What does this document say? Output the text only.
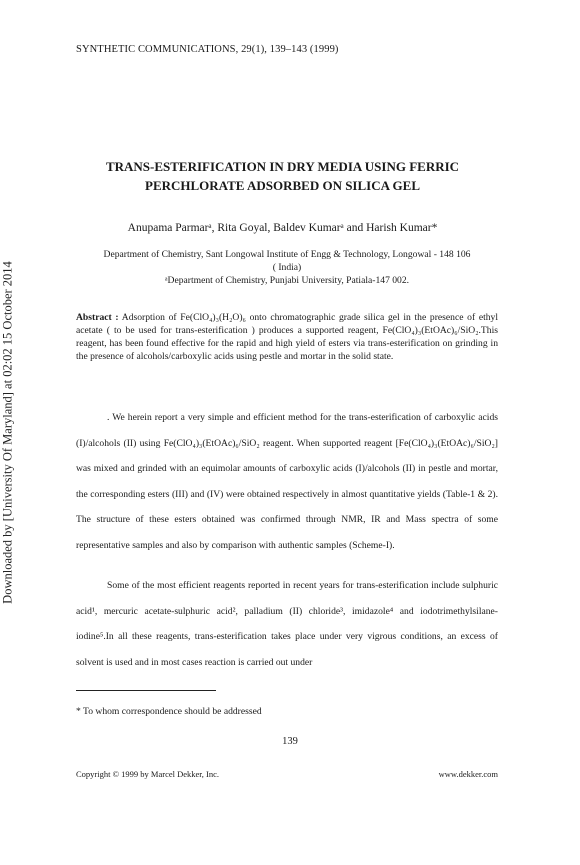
Downloaded by [University Of Maryland] at 02:02 15 October 2014
SYNTHETIC COMMUNICATIONS, 29(1), 139–143 (1999)
TRANS-ESTERIFICATION IN DRY MEDIA USING FERRIC PERCHLORATE ADSORBED ON SILICA GEL
Anupama Parmarᵃ, Rita Goyal, Baldev Kumarᵃ and Harish Kumar*
Department of Chemistry, Sant Longowal Institute of Engg & Technology, Longowal - 148 106
( India)
ᵃDepartment of Chemistry, Punjabi University, Patiala-147 002.
Abstract : Adsorption of Fe(ClO₄)₃(H₂O)₆ onto chromatographic grade silica gel in the presence of ethyl acetate ( to be used for trans-esterification ) produces a supported reagent, Fe(ClO₄)₃(EtOAc)₆/SiO₂.This reagent, has been found effective for the rapid and high yield of esters via trans-esterification on grinding in the presence of alcohols/carboxylic acids using pestle and mortar in the solid state.
. We herein report a very simple and efficient method for the trans-esterification of carboxylic acids (I)/alcohols (II) using Fe(ClO₄)₃(EtOAc)₆/SiO₂ reagent. When supported reagent [Fe(ClO₄)₃(EtOAc)₆/SiO₂] was mixed and grinded with an equimolar amounts of carboxylic acids (I)/alcohols (II) in pestle and mortar, the corresponding esters (III) and (IV) were obtained respectively in almost quantitative yields (Table-1 & 2). The structure of these esters obtained was confirmed through NMR, IR and Mass spectra of some representative samples and also by comparison with authentic samples (Scheme-I).
Some of the most efficient reagents reported in recent years for trans-esterification include sulphuric acid¹, mercuric acetate-sulphuric acid², palladium (II) chloride³, imidazole⁴ and iodotrimethylsilane-iodine⁵.In all these reagents, trans-esterification takes place under very vigrous conditions, an excess of solvent is used and in most cases reaction is carried out under
* To whom correspondence should be addressed
139
Copyright © 1999 by Marcel Dekker, Inc.	www.dekker.com
